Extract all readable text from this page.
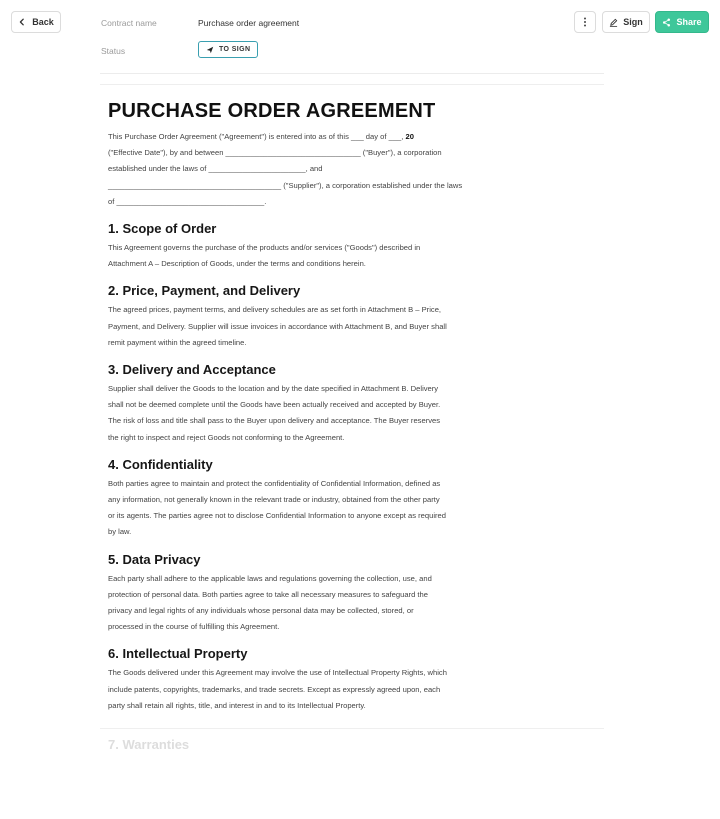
Back	Contract name	Purchase order agreement
Status	TO SIGN
Sign	Share
PURCHASE ORDER AGREEMENT
This Purchase Order Agreement ("Agreement") is entered into as of this ___ day of ___, 20
("Effective Date"), by and between ________________________________ ("Buyer"), a corporation
established under the laws of _______________________, and
_________________________________________ ("Supplier"), a corporation established under the laws
of ___________________________________.
1. Scope of Order
This Agreement governs the purchase of the products and/or services ("Goods") described in
Attachment A – Description of Goods, under the terms and conditions herein.
2. Price, Payment, and Delivery
The agreed prices, payment terms, and delivery schedules are as set forth in Attachment B – Price,
Payment, and Delivery. Supplier will issue invoices in accordance with Attachment B, and Buyer shall
remit payment within the agreed timeline.
3. Delivery and Acceptance
Supplier shall deliver the Goods to the location and by the date specified in Attachment B. Delivery
shall not be deemed complete until the Goods have been actually received and accepted by Buyer.
The risk of loss and title shall pass to the Buyer upon delivery and acceptance. The Buyer reserves
the right to inspect and reject Goods not conforming to the Agreement.
4. Confidentiality
Both parties agree to maintain and protect the confidentiality of Confidential Information, defined as
any information, not generally known in the relevant trade or industry, obtained from the other party
or its agents. The parties agree not to disclose Confidential Information to anyone except as required
by law.
5. Data Privacy
Each party shall adhere to the applicable laws and regulations governing the collection, use, and
protection of personal data. Both parties agree to take all necessary measures to safeguard the
privacy and legal rights of any individuals whose personal data may be collected, stored, or
processed in the course of fulfilling this Agreement.
6. Intellectual Property
The Goods delivered under this Agreement may involve the use of Intellectual Property Rights, which
include patents, copyrights, trademarks, and trade secrets. Except as expressly agreed upon, each
party shall retain all rights, title, and interest in and to its Intellectual Property.
7. Warranties
